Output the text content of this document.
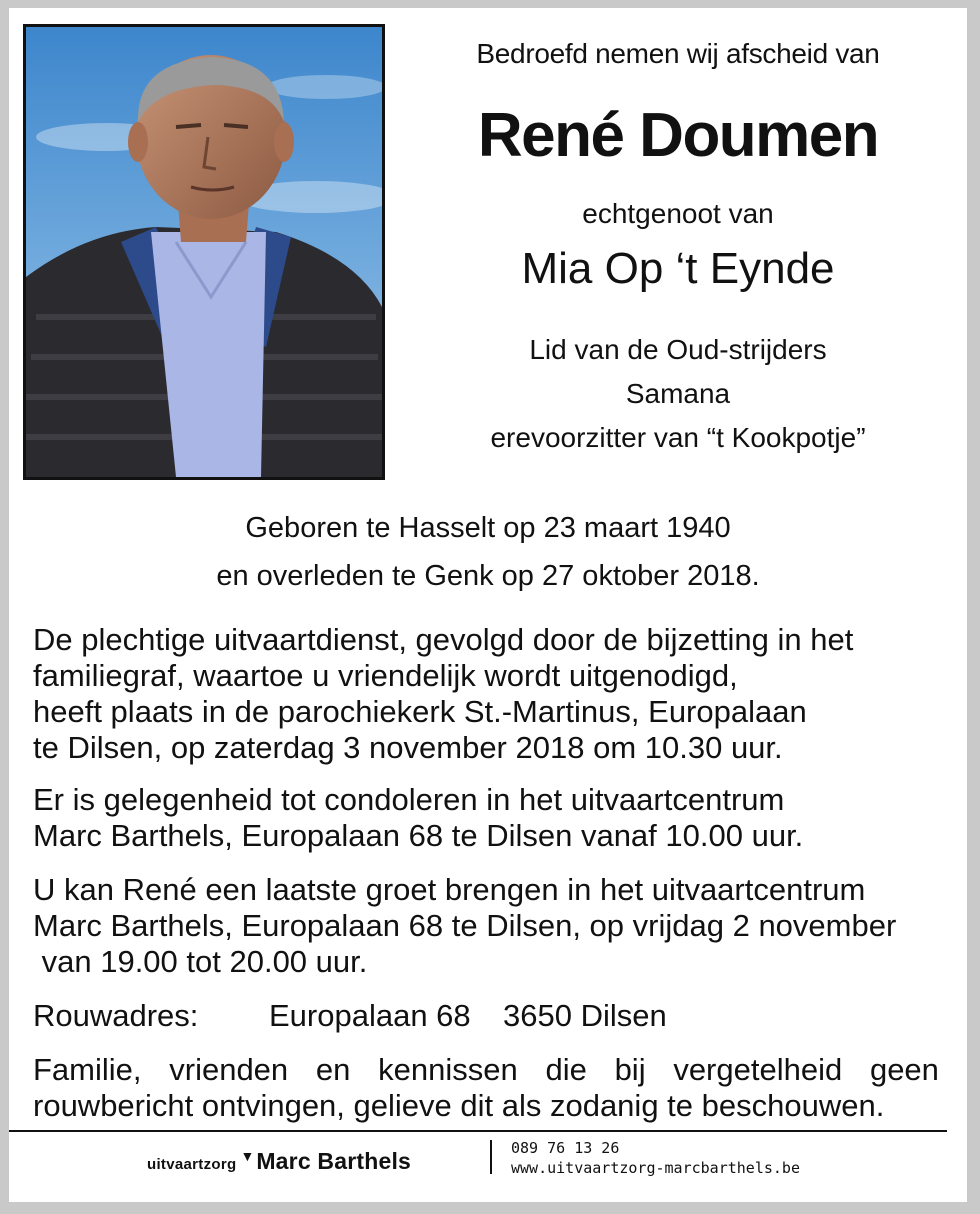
Bedroefd nemen wij afscheid van
René Doumen
echtgenoot van
Mia Op ‘t Eynde
Lid van de Oud-strijders
Samana
erevoorzitter van “t Kookpotje”
Geboren te Hasselt op 23 maart 1940
en overleden te Genk op 27 oktober 2018.
De plechtige uitvaartdienst, gevolgd door de bijzetting in het
familiegraf, waartoe u vriendelijk wordt uitgenodigd,
heeft plaats in de parochiekerk St.-Martinus, Europalaan
te Dilsen, op zaterdag 3 november 2018 om 10.30 uur.
Er is gelegenheid tot condoleren in het uitvaartcentrum
Marc Barthels, Europalaan 68 te Dilsen vanaf 10.00 uur.
U kan René een laatste groet brengen in het uitvaartcentrum
Marc Barthels, Europalaan 68 te Dilsen, op vrijdag 2 november
van 19.00 tot 20.00 uur.
Rouwadres: Europalaan 68 3650 Dilsen
Familie, vrienden en kennissen die bij vergetelheid geen
rouwbericht ontvingen, gelieve dit als zodanig te beschouwen.
uitvaartzorg ▼ Marc Barthels	089 76 13 26
www.uitvaartzorg-marcbarthels.be
